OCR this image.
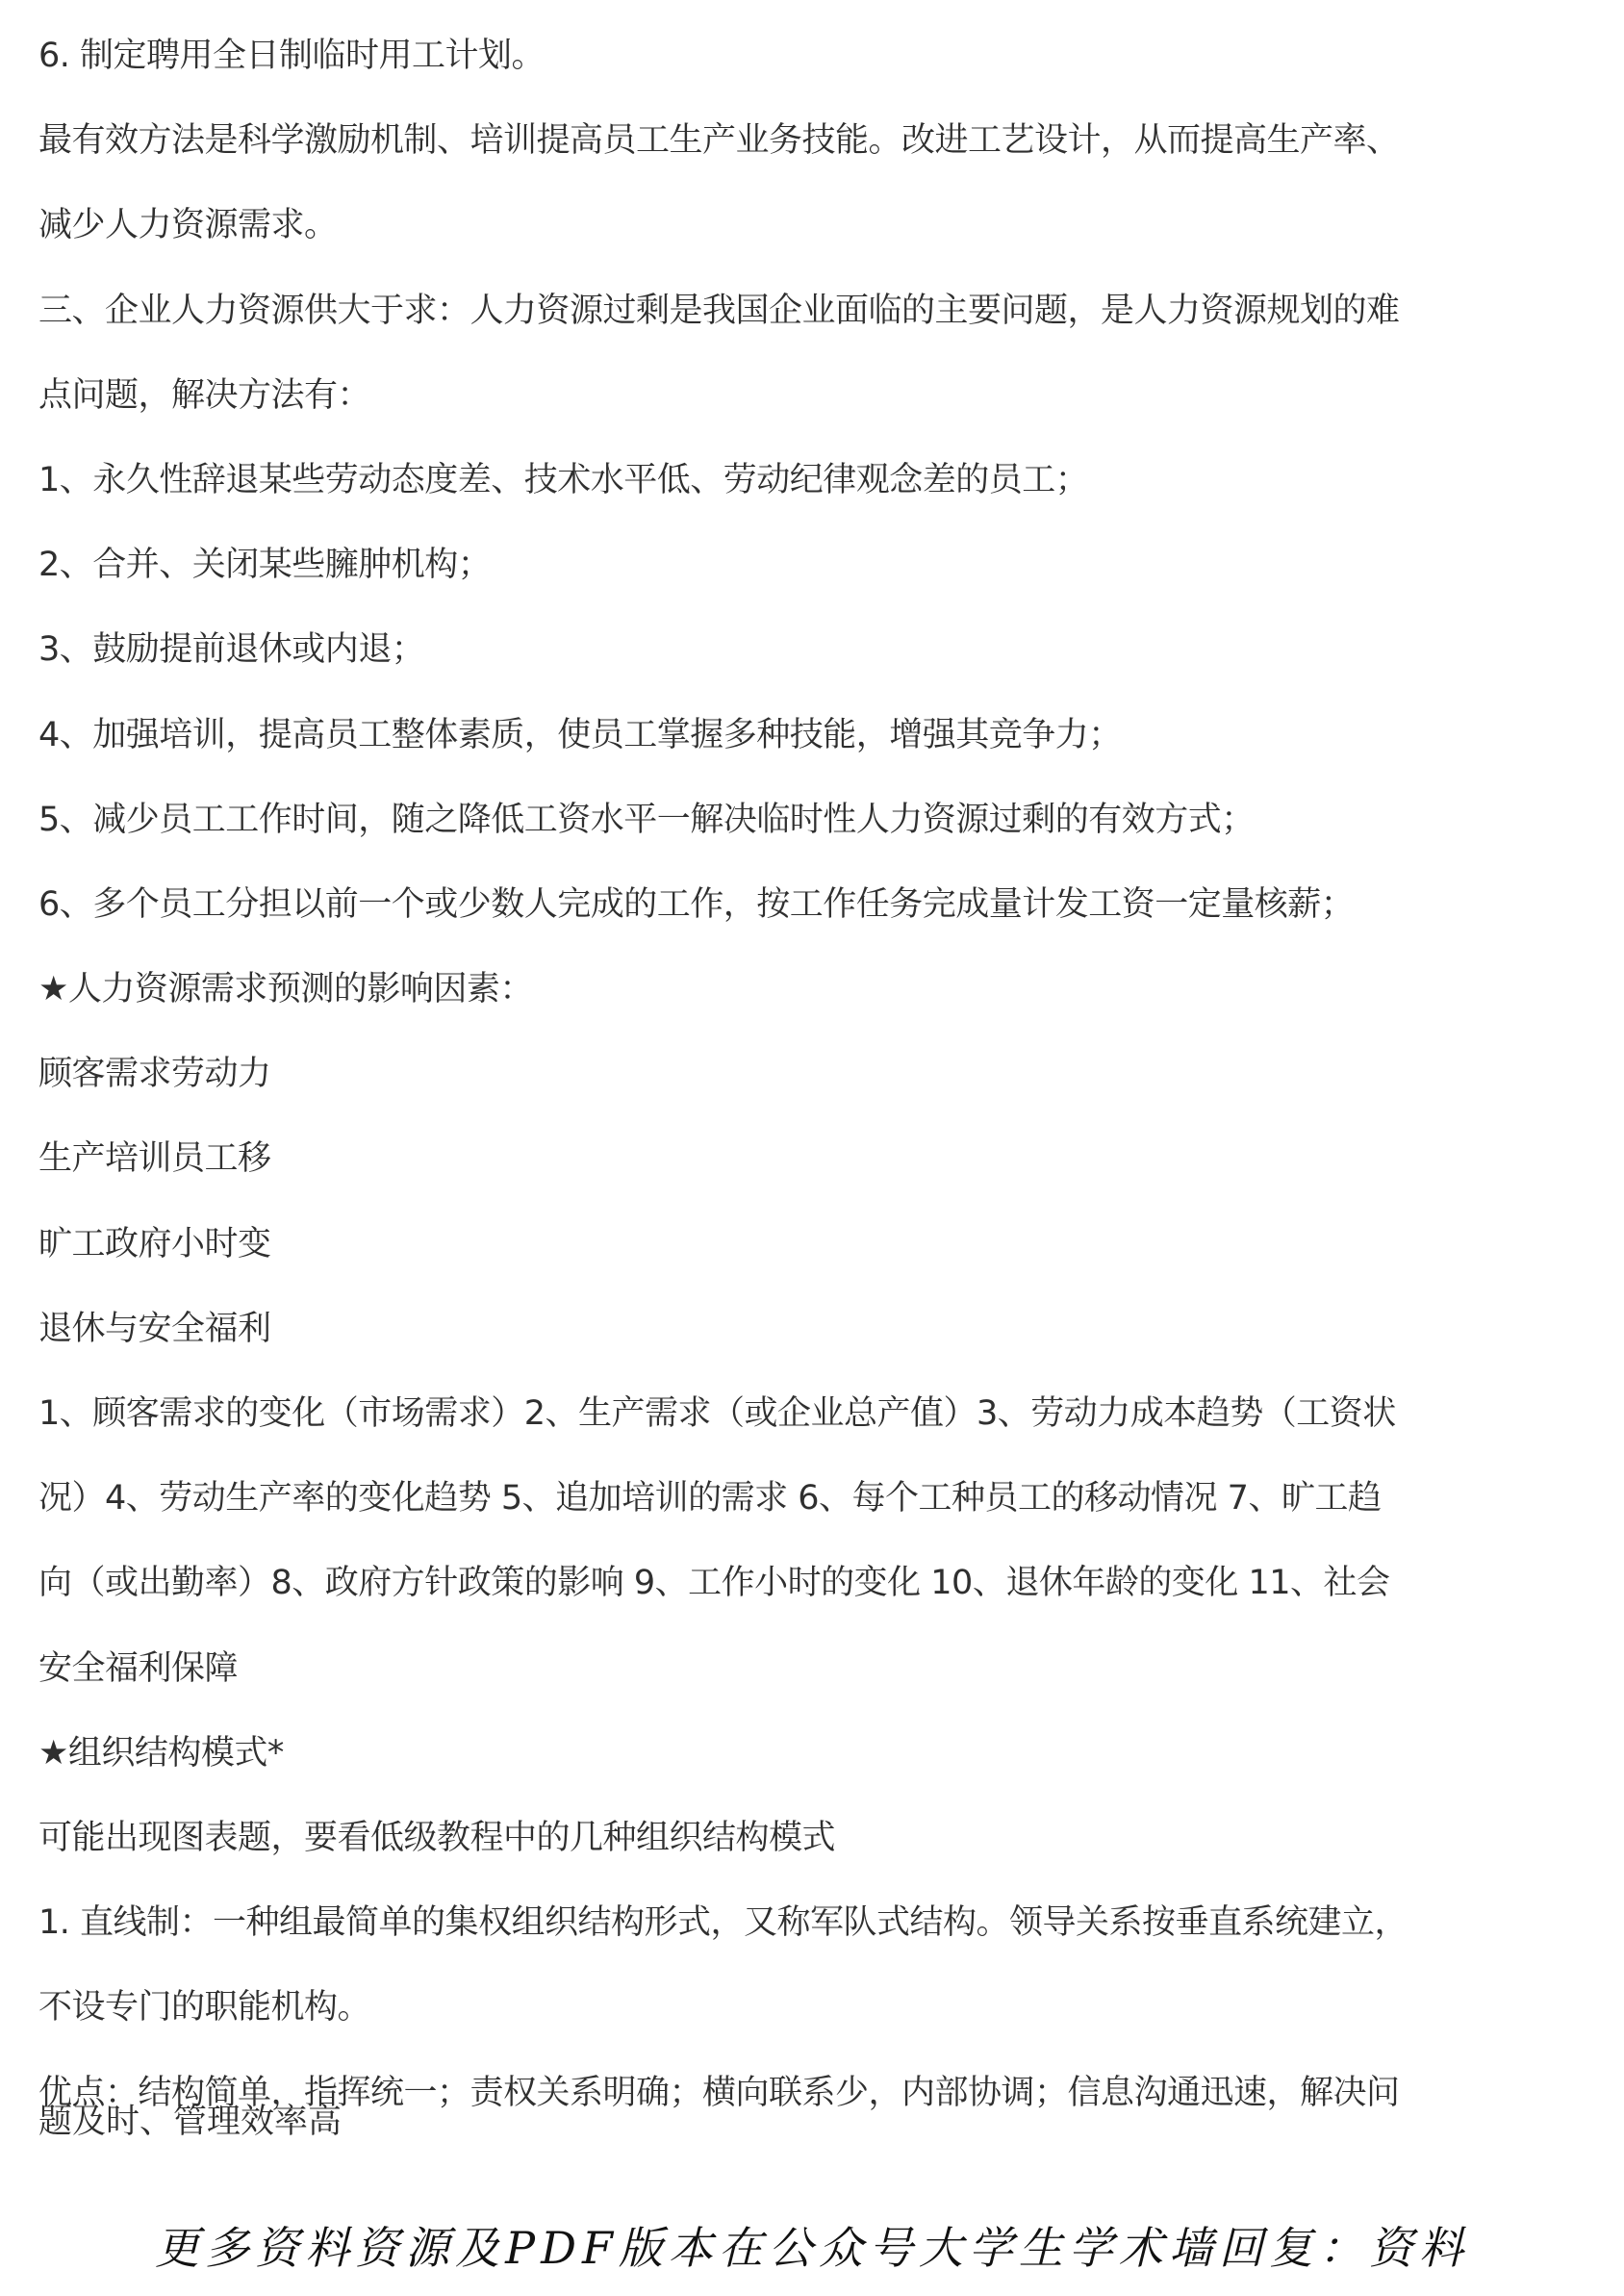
6. 制定聘用全日制临时用工计划。
最有效方法是科学激励机制、培训提高员工生产业务技能。改进工艺设计，从而提高生产率、
减少人力资源需求。
三、企业人力资源供大于求：人力资源过剩是我国企业面临的主要问题，是人力资源规划的难
点问题，解决方法有：
1、永久性辞退某些劳动态度差、技术水平低、劳动纪律观念差的员工；
2、合并、关闭某些臃肿机构；
3、鼓励提前退休或内退；
4、加强培训，提高员工整体素质，使员工掌握多种技能，增强其竞争力；
5、减少员工工作时间，随之降低工资水平一解决临时性人力资源过剩的有效方式；
6、多个员工分担以前一个或少数人完成的工作，按工作任务完成量计发工资一定量核薪；
★人力资源需求预测的影响因素：
顾客需求劳动力
生产培训员工移
旷工政府小时变
退休与安全福利
1、顾客需求的变化（市场需求）2、生产需求（或企业总产值）3、劳动力成本趋势（工资状
况）4、劳动生产率的变化趋势 5、追加培训的需求 6、每个工种员工的移动情况 7、旷工趋
向（或出勤率）8、政府方针政策的影响 9、工作小时的变化 10、退休年龄的变化 11、社会
安全福利保障
★组织结构模式*
可能出现图表题，要看低级教程中的几种组织结构模式
1. 直线制：一种组最简单的集权组织结构形式，又称军队式结构。领导关系按垂直系统建立，
不设专门的职能机构。
优点：结构简单，指挥统一；责权关系明确；横向联系少，内部协调；信息沟通迅速，解决问
题及时、管理效率高
更多资料资源及PDF版本在公众号大学生学术墙回复：资料
